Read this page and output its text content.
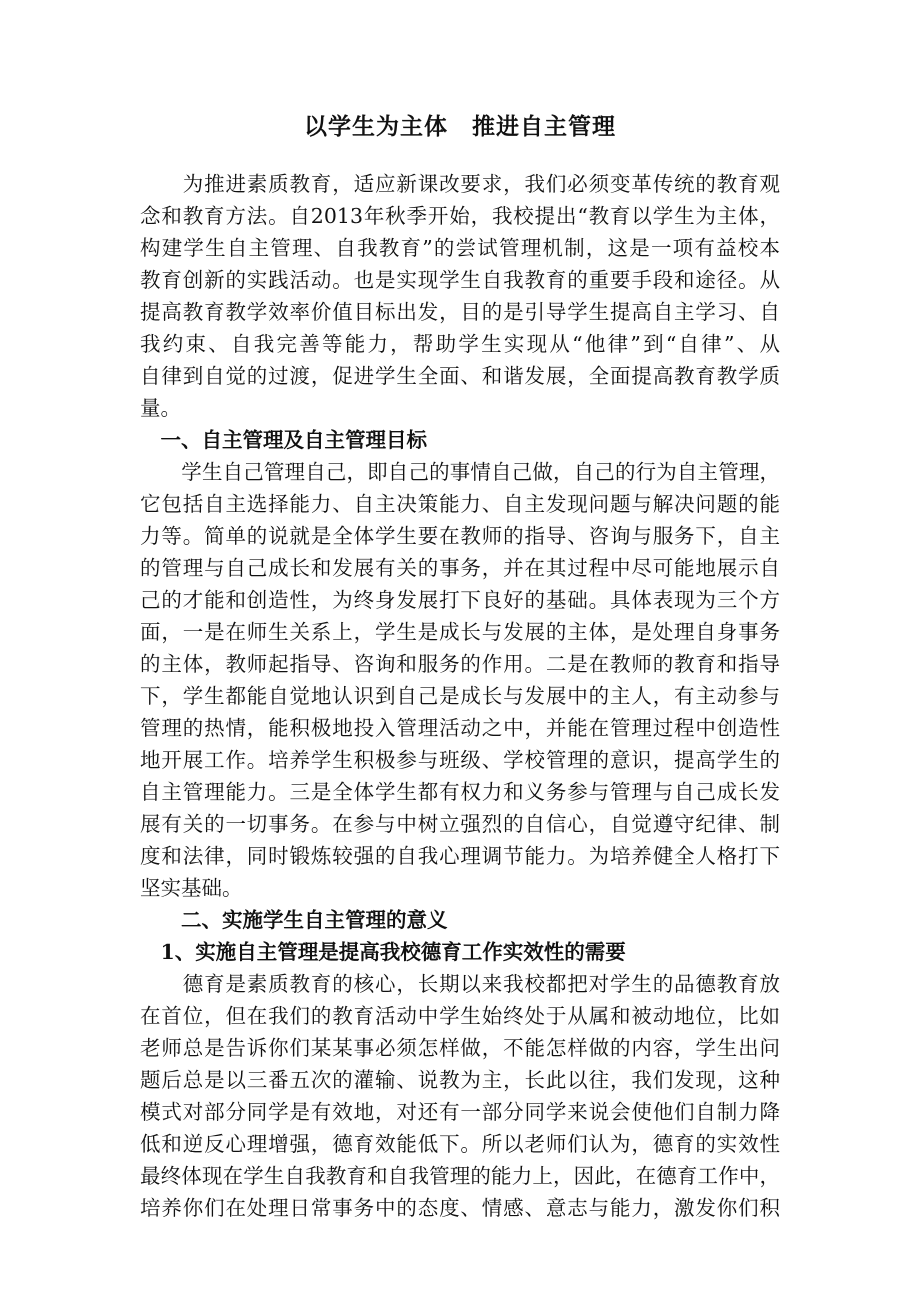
以学生为主体　推进自主管理
　　为推进素质教育，适应新课改要求，我们必须变革传统的教育观
念和教育方法。自2013年秋季开始，我校提出“教育以学生为主体，
构建学生自主管理、自我教育”的尝试管理机制，这是一项有益校本
教育创新的实践活动。也是实现学生自我教育的重要手段和途径。从
提高教育教学效率价值目标出发，目的是引导学生提高自主学习、自
我约束、自我完善等能力，帮助学生实现从“他律”到“自律”、从
自律到自觉的过渡，促进学生全面、和谐发展，全面提高教育教学质
量。
　一、自主管理及自主管理目标
　　学生自己管理自己，即自己的事情自己做，自己的行为自主管理，
它包括自主选择能力、自主决策能力、自主发现问题与解决问题的能
力等。简单的说就是全体学生要在教师的指导、咨询与服务下，自主
的管理与自己成长和发展有关的事务，并在其过程中尽可能地展示自
己的才能和创造性，为终身发展打下良好的基础。具体表现为三个方
面，一是在师生关系上，学生是成长与发展的主体，是处理自身事务
的主体，教师起指导、咨询和服务的作用。二是在教师的教育和指导
下，学生都能自觉地认识到自己是成长与发展中的主人，有主动参与
管理的热情，能积极地投入管理活动之中，并能在管理过程中创造性
地开展工作。培养学生积极参与班级、学校管理的意识，提高学生的
自主管理能力。三是全体学生都有权力和义务参与管理与自己成长发
展有关的一切事务。在参与中树立强烈的自信心，自觉遵守纪律、制
度和法律，同时锻炼较强的自我心理调节能力。为培养健全人格打下
坚实基础。
　　二、实施学生自主管理的意义
　1、实施自主管理是提高我校德育工作实效性的需要
　　德育是素质教育的核心，长期以来我校都把对学生的品德教育放
在首位，但在我们的教育活动中学生始终处于从属和被动地位，比如
老师总是告诉你们某某事必须怎样做，不能怎样做的内容，学生出问
题后总是以三番五次的灌输、说教为主，长此以往，我们发现，这种
模式对部分同学是有效地，对还有一部分同学来说会使他们自制力降
低和逆反心理增强，德育效能低下。所以老师们认为，德育的实效性
最终体现在学生自我教育和自我管理的能力上，因此，在德育工作中，
培养你们在处理日常事务中的态度、情感、意志与能力，激发你们积
